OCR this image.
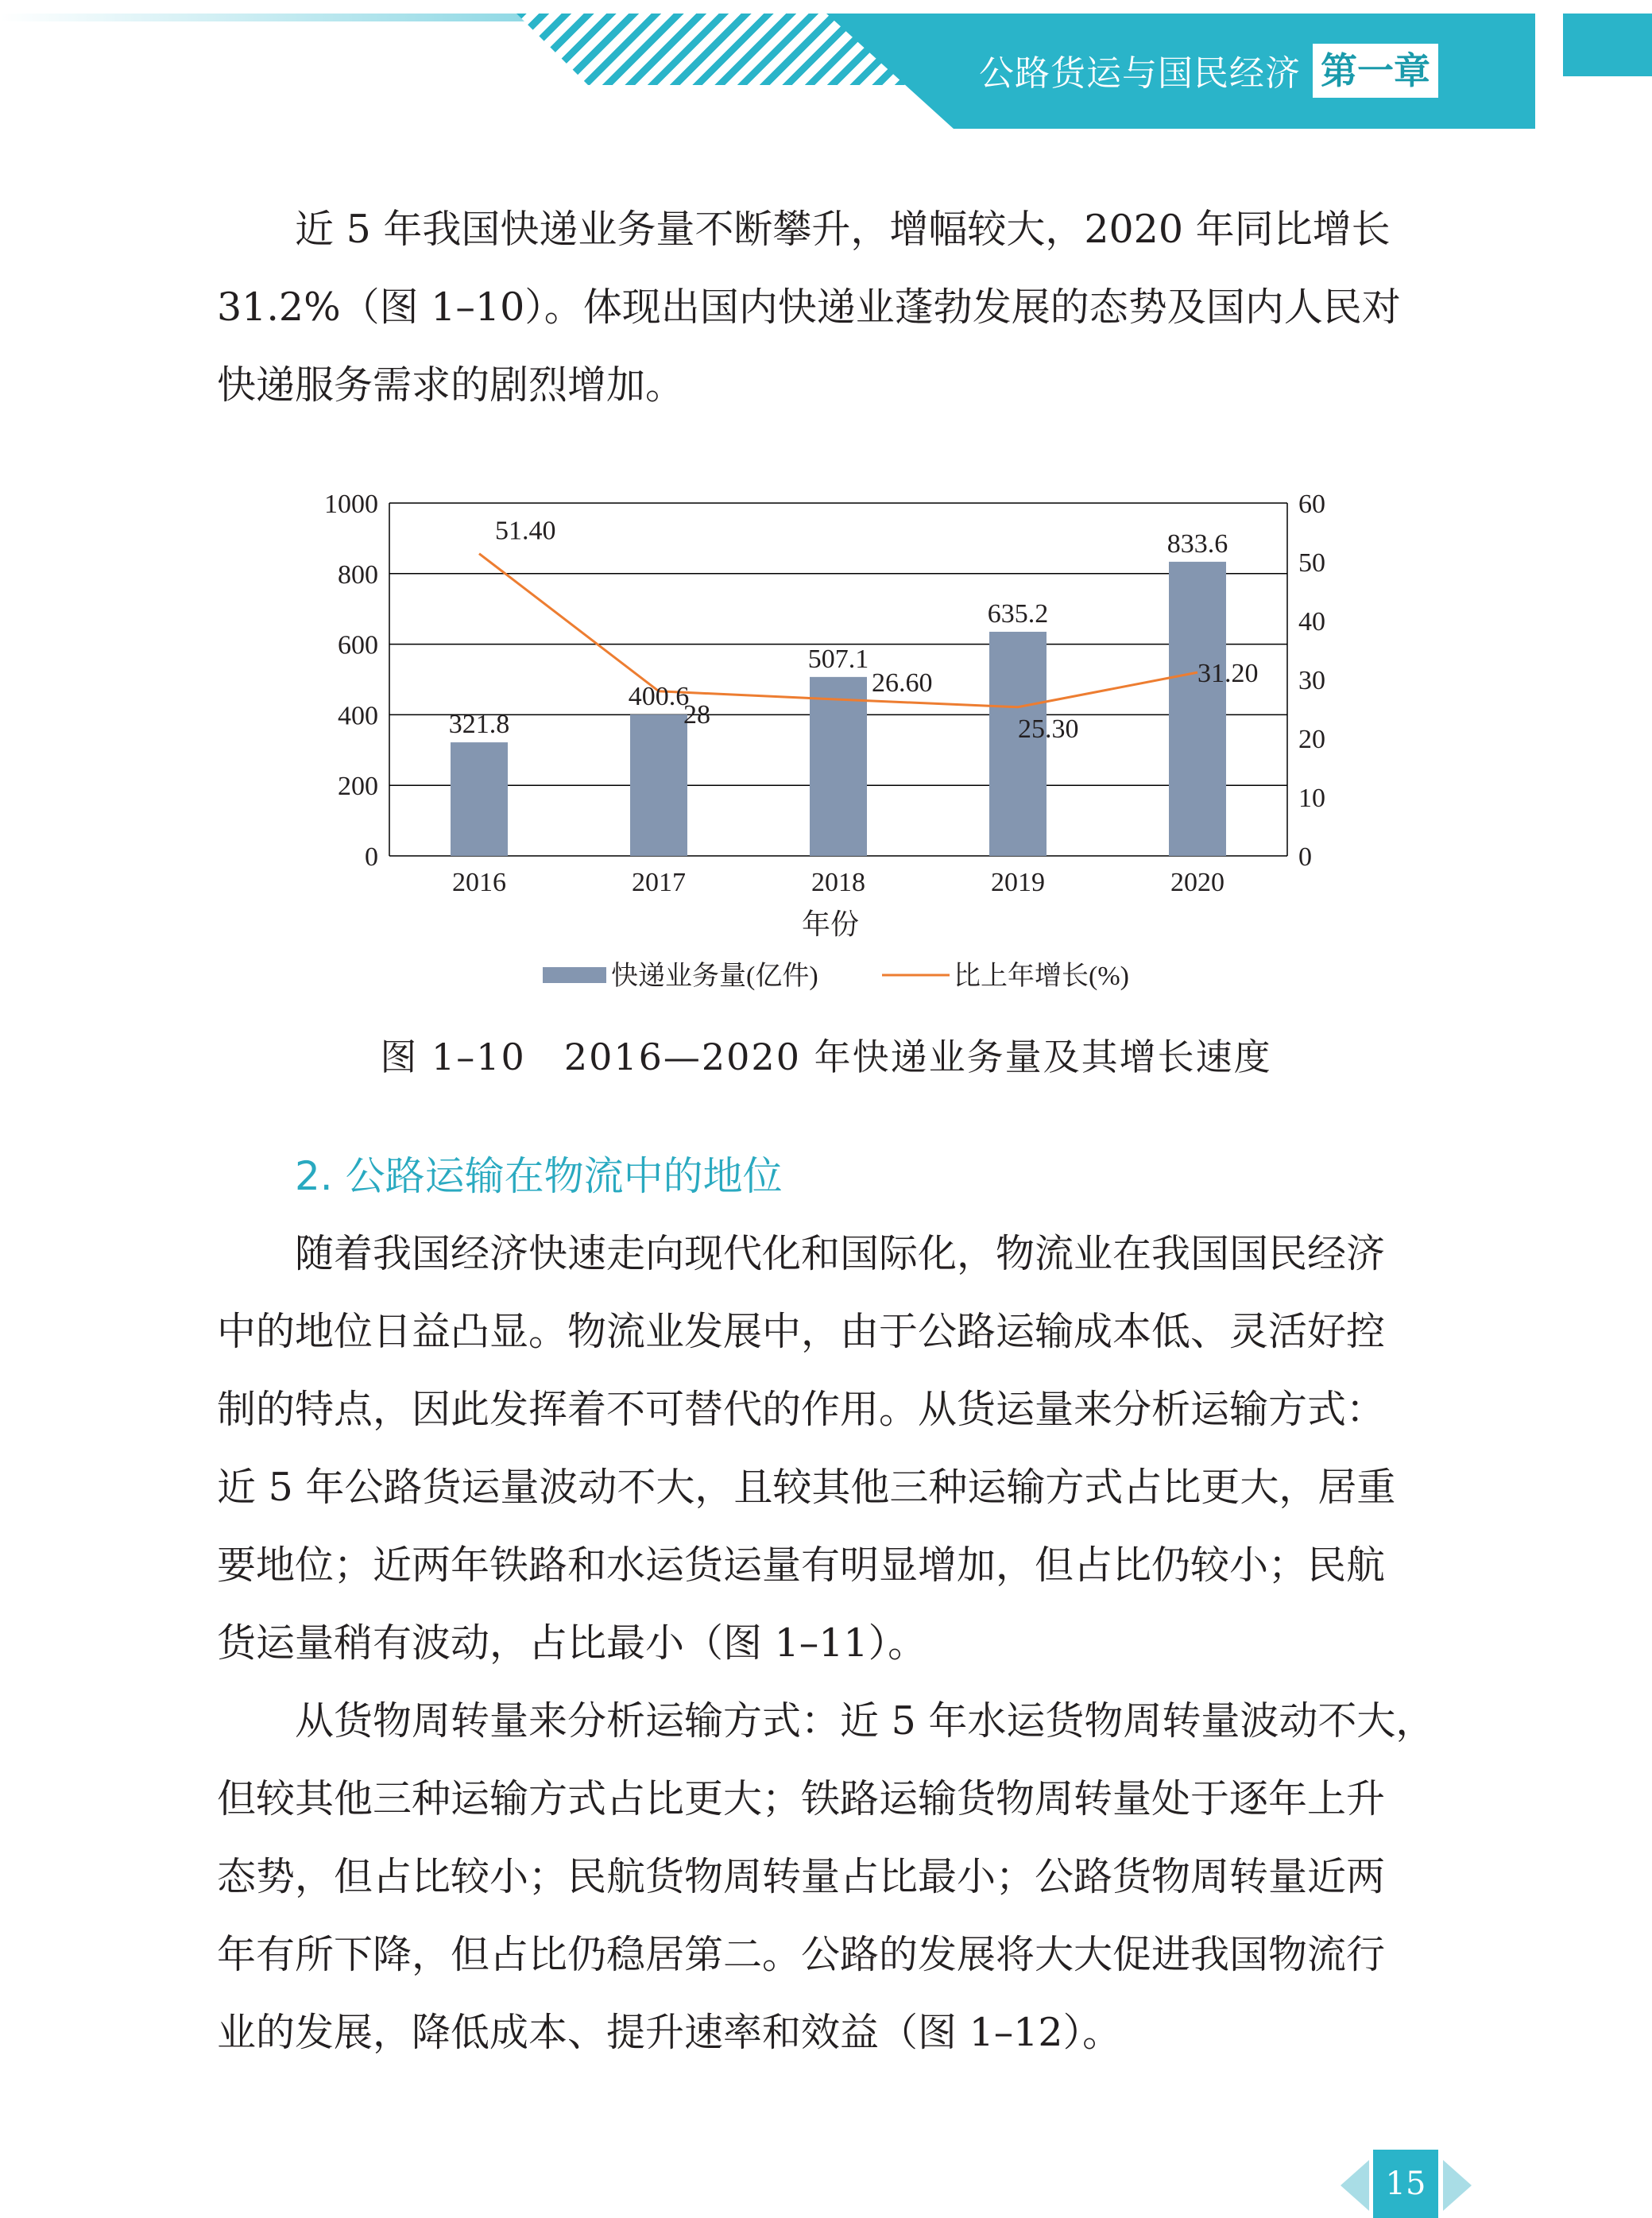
公路货运与国民经济 第一章
近 5 年我国快递业务量不断攀升，增幅较大，2020 年同比增长
31.2%（图 1–10）。体现出国内快递业蓬勃发展的态势及国内人民对
快递服务需求的剧烈增加。
321.8
400.6
507.1
635.2
833.6
51.40
28
26.60
25.30
31.20
0
200
400
600
800
1000
0
10
20
30
40
50
60
2016	2017	2018	2019	2020
年份
快递业务量(亿件)	比上年增长(%)
图 1–10　2016—2020 年快递业务量及其增长速度
2. 公路运输在物流中的地位
随着我国经济快速走向现代化和国际化，物流业在我国国民经济
中的地位日益凸显。物流业发展中，由于公路运输成本低、灵活好控
制的特点，因此发挥着不可替代的作用。从货运量来分析运输方式：
近 5 年公路货运量波动不大，且较其他三种运输方式占比更大，居重
要地位；近两年铁路和水运货运量有明显增加，但占比仍较小；民航
货运量稍有波动，占比最小（图 1–11）。
从货物周转量来分析运输方式：近 5 年水运货物周转量波动不大，
但较其他三种运输方式占比更大；铁路运输货物周转量处于逐年上升
态势，但占比较小；民航货物周转量占比最小；公路货物周转量近两
年有所下降，但占比仍稳居第二。公路的发展将大大促进我国物流行
业的发展，降低成本、提升速率和效益（图 1–12）。
15
